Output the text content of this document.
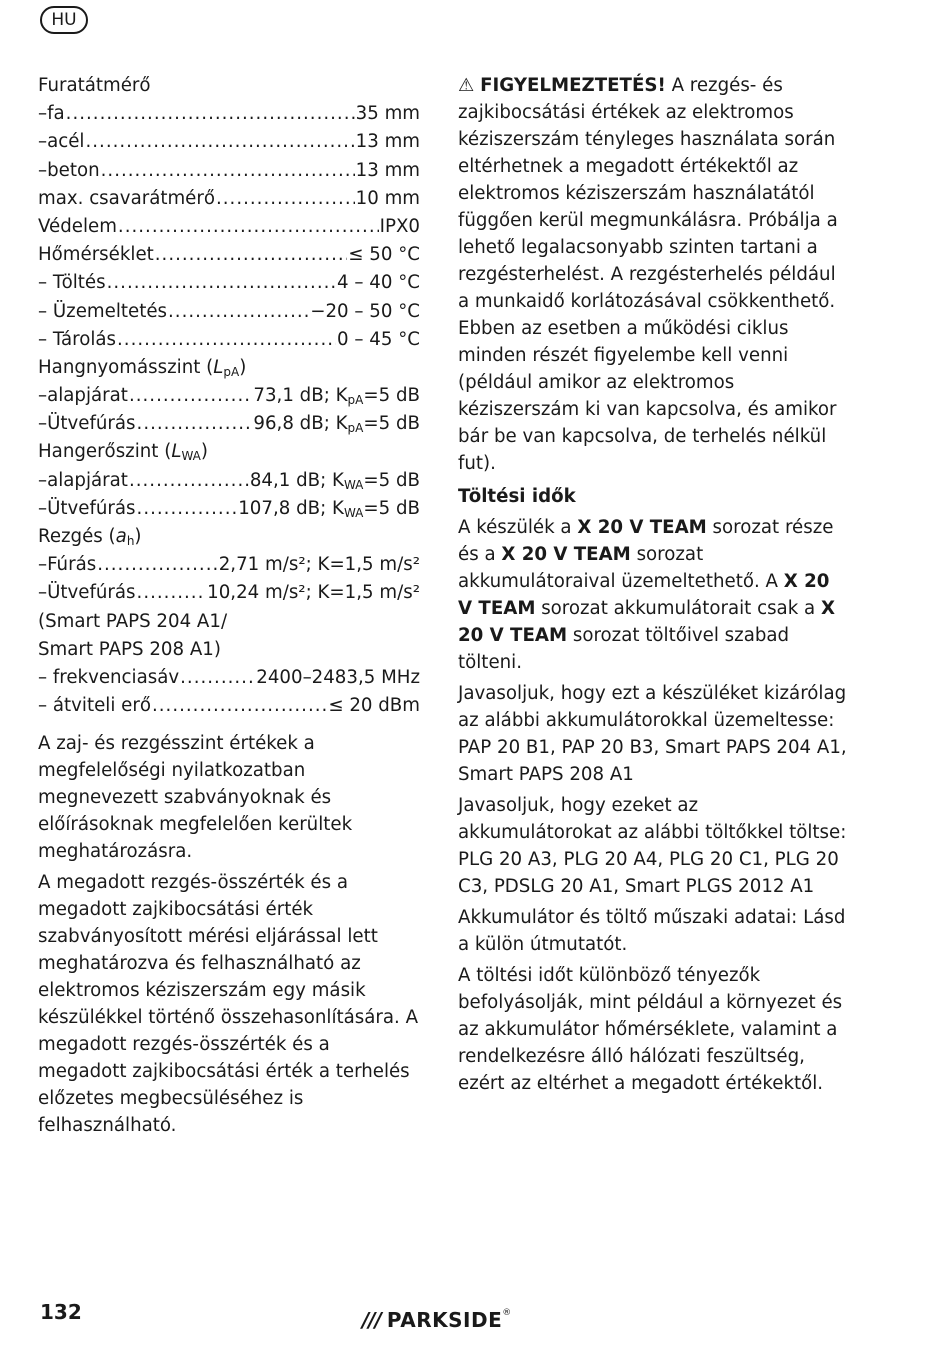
HU
Furatátmérő
–fa .....	35 mm
–acél .....	13 mm
–beton .....	13 mm
max. csavarátmérő .....	10 mm
Védelem .....	IPX0
Hőmérséklet .....	≤ 50 °C
– Töltés .....	4 – 40 °C
– Üzemeltetés .....	−20 – 50 °C
– Tárolás .....	0 – 45 °C
Hangnyomásszint $(L_{pA})$
–alapjárat .....	73,1 dB; $K_{pA}=5$ dB
–Ütvefúrás .....	96,8 dB; $K_{pA}=5$ dB
Hangerőszint $(L_{WA})$
–alapjárat .....	84,1 dB; $K_{WA}=5$ dB
–Ütvefúrás .....	107,8 dB; $K_{WA}=5$ dB
Rezgés $(a_h)$
–Fúrás .....	2,71 m/s²; K=1,5 m/s²
–Ütvefúrás .....	10,24 m/s²; K=1,5 m/s²
(Smart PAPS 204 A1/
Smart PAPS 208 A1)
– frekvenciasáv .....	2400–2483,5 MHz
– átviteli erő .....	≤ 20 dBm

A zaj- és rezgésszint értékek a megfelelőségi nyilatkozatban megnevezett szabványoknak és előírásoknak megfelelően kerültek meghatározásra.

A megadott rezgés-összérték és a megadott zajkibocsátási érték szabványosított mérési eljárással lett meghatározva és felhasználható az elektromos kéziszerszám egy másik készülékkel történő összehasonlítására. A megadott rezgés-összérték és a megadott zajkibocsátási érték a terhelés előzetes megbecsüléséhez is felhasználható.

⚠ FIGYELMEZTETÉS! A rezgés- és zajkibocsátási értékek az elektromos kéziszerszám tényleges használata során eltérhetnek a megadott értékektől az elektromos kéziszerszám használatától függően kerül megmunkálásra. Próbálja a lehető legalacsonyabb szinten tartani a rezgésterhelést. A rezgésterhelés például a munkaidő korlátozásával csökkenthető. Ebben az esetben a működési ciklus minden részét figyelembe kell venni (például amikor az elektromos kéziszerszám ki van kapcsolva, és amikor bár be van kapcsolva, de terhelés nélkül fut).

Töltési idők

A készülék a X 20 V TEAM sorozat része és a X 20 V TEAM sorozat akkumulátoraival üzemeltethető. A X 20 V TEAM sorozat akkumulátorait csak a X 20 V TEAM sorozat töltőivel szabad tölteni.

Javasoljuk, hogy ezt a készüléket kizárólag az alábbi akkumulátorokkal üzemeltesse: PAP 20 B1, PAP 20 B3, Smart PAPS 204 A1, Smart PAPS 208 A1

Javasoljuk, hogy ezeket az akkumulátorokat az alábbi töltőkkel töltse: PLG 20 A3, PLG 20 A4, PLG 20 C1, PLG 20 C3, PDSLG 20 A1, Smart PLGS 2012 A1

Akkumulátor és töltő műszaki adatai: Lásd a külön útmutatót.

A töltési időt különböző tényezők befolyásolják, mint például a környezet és az akkumulátor hőmérséklete, valamint a rendelkezésre álló hálózati feszültség, ezért az eltérhet a megadott értékektől.

132	/// PARKSIDE®
